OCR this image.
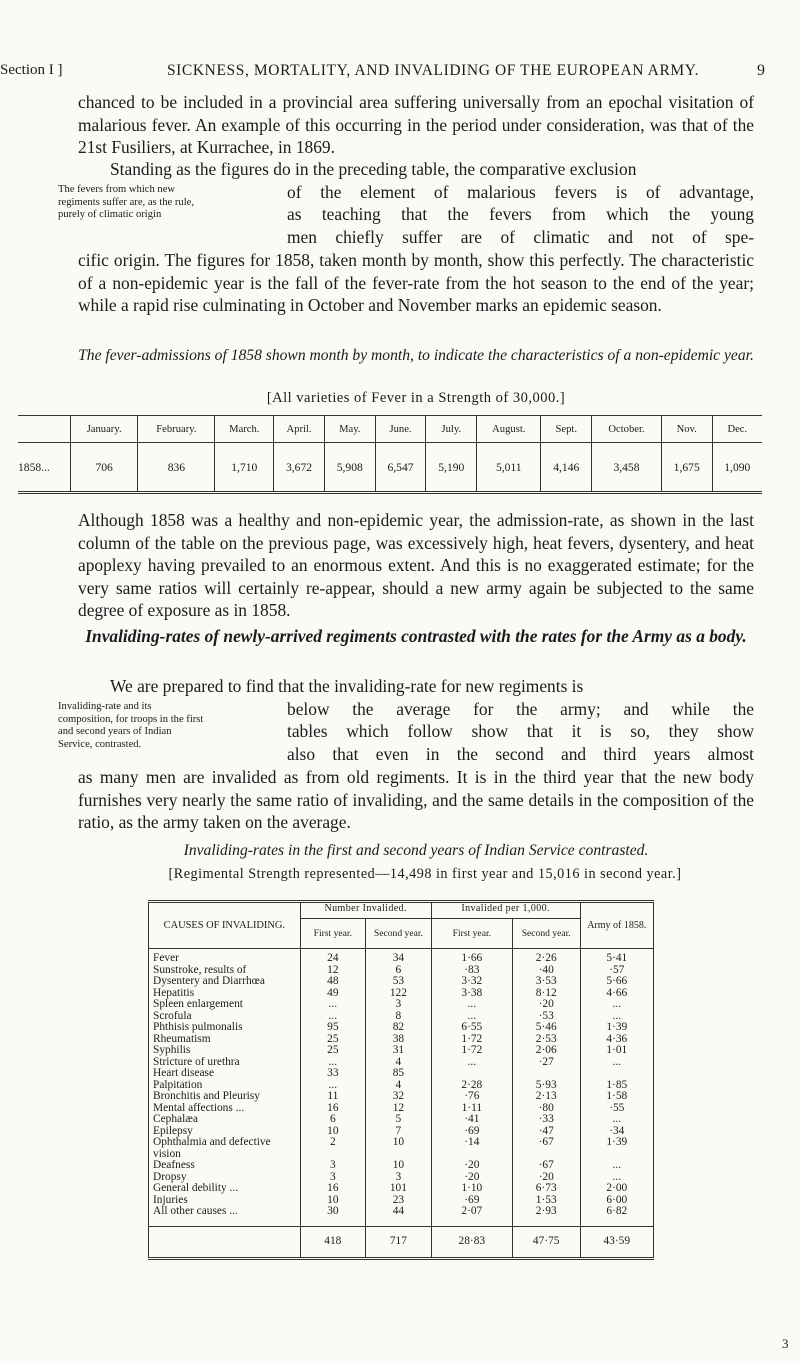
Section I ]	SICKNESS, MORTALITY, AND INVALIDING OF THE EUROPEAN ARMY.	9

chanced to be included in a provincial area suffering universally from an epochal visitation of malarious fever. An example of this occurring in the period under consideration, was that of the 21st Fusiliers, at Kurrachee, in 1869.

Standing as the figures do in the preceding table, the comparative exclusion

The fevers from which new regiments suffer are, as the rule, purely of climatic origin
of the element of malarious fevers is of advantage,
as teaching that the fevers from which the young
men chiefly suffer are of climatic and not of spe-

cific origin. The figures for 1858, taken month by month, show this perfectly. The characteristic of a non-epidemic year is the fall of the fever-rate from the hot season to the end of the year; while a rapid rise culminating in October and November marks an epidemic season.

The fever-admissions of 1858 shown month by month, to indicate the characteristics of a non-epidemic year.
[All varieties of Fever in a Strength of 30,000.]
	January.	February.	March.	April.	May.	June.	July.	August.	Sept.	October.	Nov.	Dec.
1858...	706	836	1,710	3,672	5,908	6,547	5,190	5,011	4,146	3,458	1,675	1,090

Although 1858 was a healthy and non-epidemic year, the admission-rate, as shown in the last column of the table on the previous page, was excessively high, heat fevers, dysentery, and heat apoplexy having prevailed to an enormous extent. And this is no exaggerated estimate; for the very same ratios will certainly re-appear, should a new army again be subjected to the same degree of exposure as in 1858.

Invaliding-rates of newly-arrived regiments contrasted with the rates for the Army as a body.

We are prepared to find that the invaliding-rate for new regiments is

Invaliding-rate and its composition, for troops in the first and second years of Indian Service, contrasted.
below the average for the army; and while the
tables which follow show that it is so, they show
also that even in the second and third years almost

as many men are invalided as from old regiments. It is in the third year that the new body furnishes very nearly the same ratio of invaliding, and the same details in the composition of the ratio, as the army taken on the average.

Invaliding-rates in the first and second years of Indian Service contrasted.
[Regimental Strength represented—14,498 in first year and 15,016 in second year.]
CAUSES OF INVALIDING.	Number Invalided.		Invalided per 1,000.		Army of 1858.
	First year.	Second year.	First year.	Second year.	
Fever	24	34	1·66	2·26	5·41
Sunstroke, results of	12	6	·83	·40	·57
Dysentery and Diarrhœa	48	53	3·32	3·53	5·66
Hepatitis	49	122	3·38	8·12	4·66
Spleen enlargement	...	3	...	·20	...
Scrofula	...	8	...	·53	...
Phthisis pulmonalis	95	82	6·55	5·46	1·39
Rheumatism	25	38	1·72	2·53	4·36
Syphilis	25	31	1·72	2·06	1·01
Stricture of urethra	...	4	...	·27	...
Heart disease	33	85			
Palpitation	...	4	2·28	5·93	1·85
Bronchitis and Pleurisy	11	32	·76	2·13	1·58
Mental affections ...	16	12	1·11	·80	·55
Cephalæa	6	5	·41	·33	...
Epilepsy	10	7	·69	·47	·34
Ophthalmia and defective vision	2	10	·14	·67	1·39
Deafness	3	10	·20	·67	...
Dropsy	3	3	·20	·20	...
General debility ...	16	101	1·10	6·73	2·00
Injuries	10	23	·69	1·53	6·00
All other causes ...	30	44	2·07	2·93	6·82
	418	717	28·83	47·75	43·59
3
